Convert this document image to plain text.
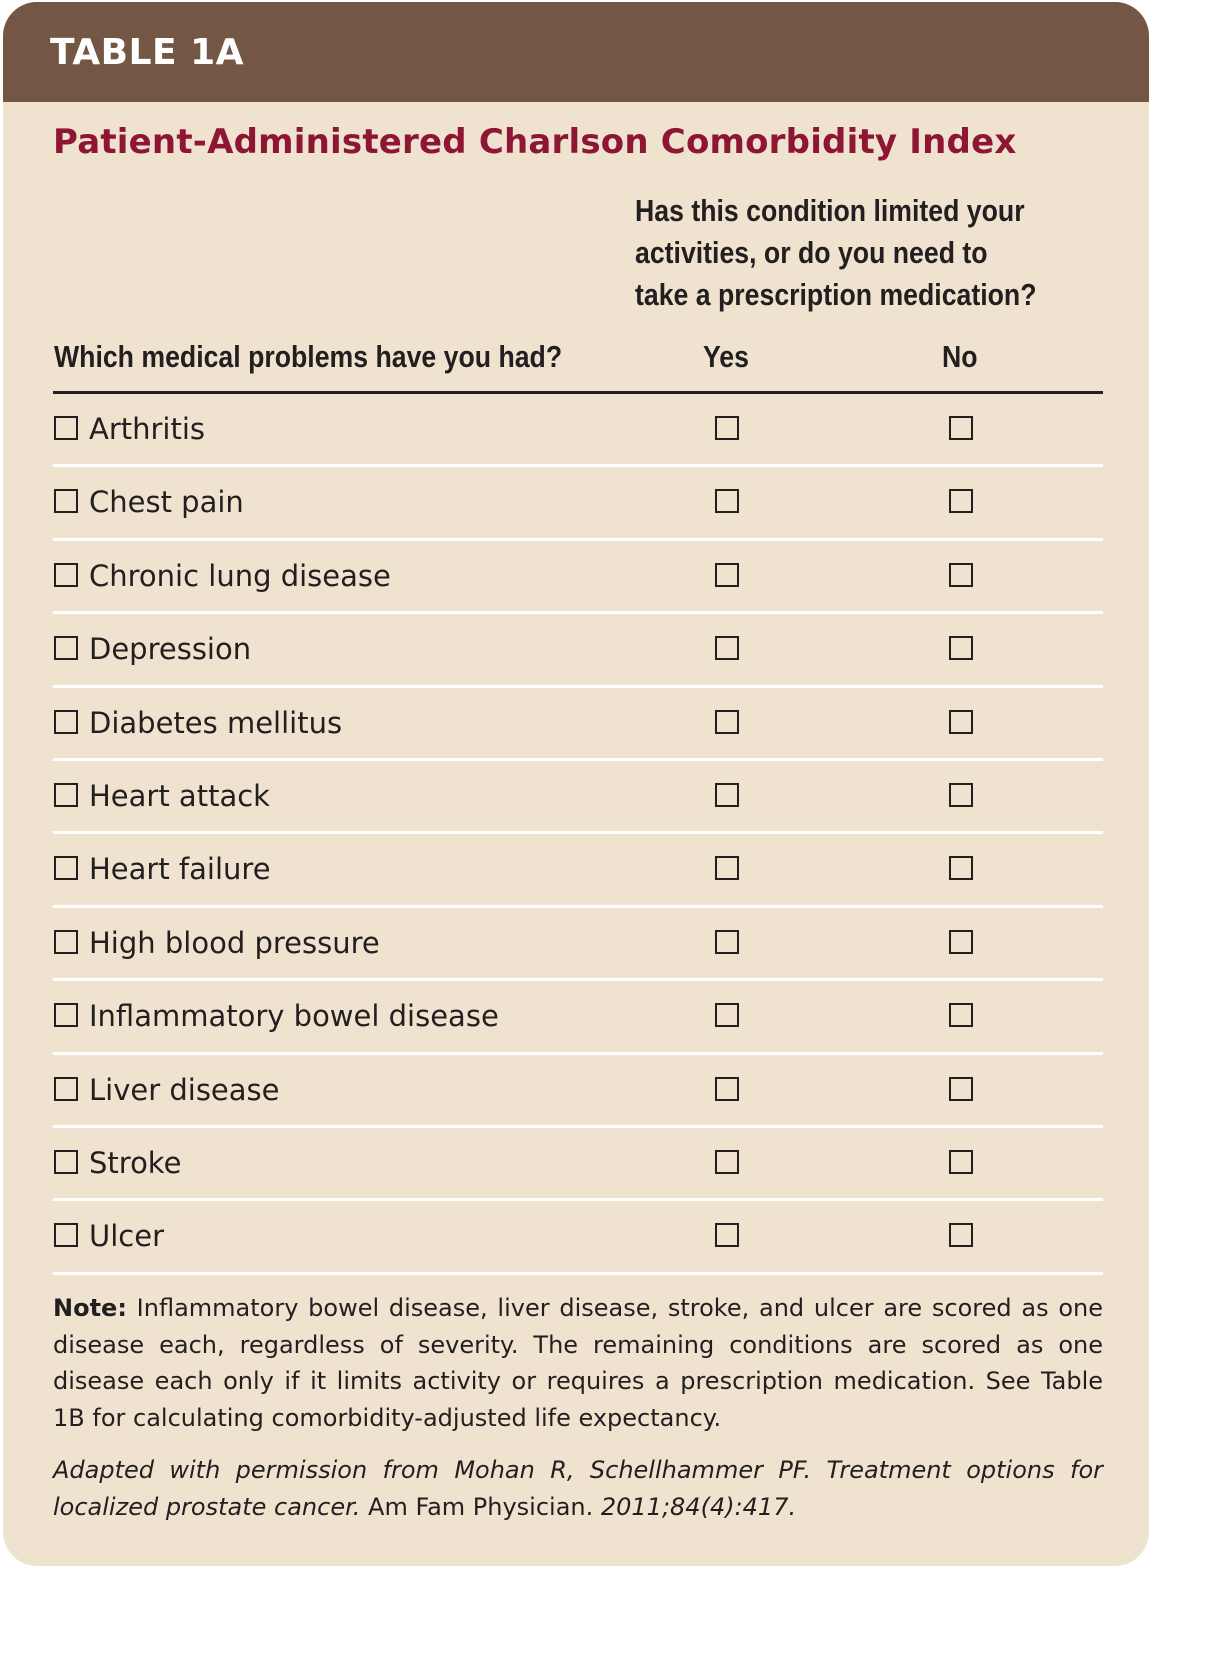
TABLE 1A
Patient-Administered Charlson Comorbidity Index
Has this condition limited your
activities, or do you need to
take a prescription medication?
Which medical problems have you had?	Yes	No
Arthritis
Chest pain
Chronic lung disease
Depression
Diabetes mellitus
Heart attack
Heart failure
High blood pressure
Inflammatory bowel disease
Liver disease
Stroke
Ulcer
Note: Inflammatory bowel disease, liver disease, stroke, and ulcer are scored as one disease each, regardless of severity. The remaining conditions are scored as one disease each only if it limits activity or requires a prescription medication. See Table 1B for calculating comorbidity-adjusted life expectancy.
Adapted with permission from Mohan R, Schellhammer PF. Treatment options for localized prostate cancer. Am Fam Physician. 2011;84(4):417.
